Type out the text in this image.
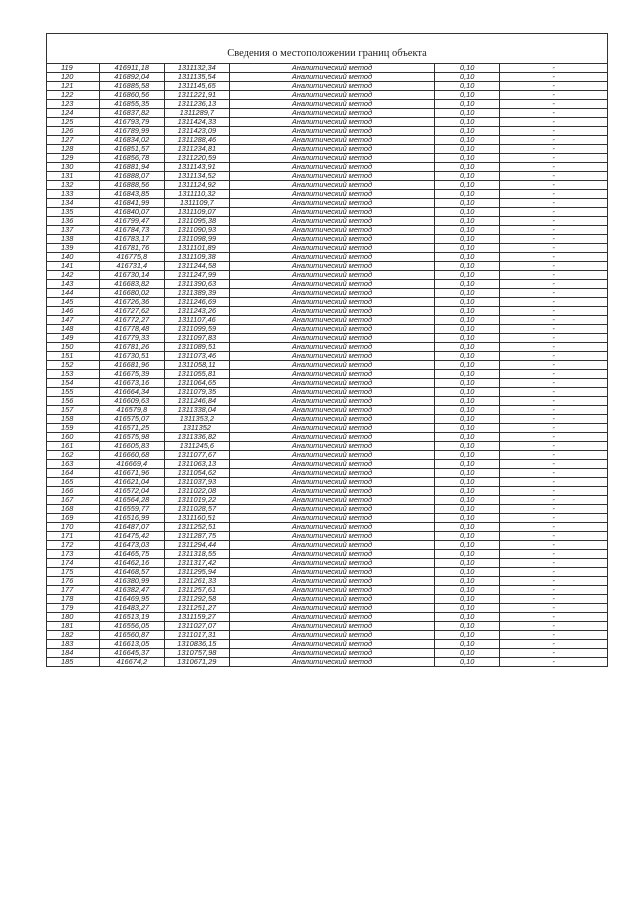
Сведения о местоположении границ объекта					
119	416911,18	1311132,34	Аналитический метод	0,10	-
120	416892,04	1311135,54	Аналитический метод	0,10	-
121	416885,58	1311145,65	Аналитический метод	0,10	-
122	416860,56	1311221,91	Аналитический метод	0,10	-
123	416855,35	1311236,13	Аналитический метод	0,10	-
124	416837,82	1311289,7	Аналитический метод	0,10	-
125	416793,79	1311424,33	Аналитический метод	0,10	-
126	416789,99	1311423,09	Аналитический метод	0,10	-
127	416834,02	1311288,46	Аналитический метод	0,10	-
128	416851,57	1311234,81	Аналитический метод	0,10	-
129	416856,78	1311220,59	Аналитический метод	0,10	-
130	416881,94	1311143,91	Аналитический метод	0,10	-
131	416888,07	1311134,52	Аналитический метод	0,10	-
132	416888,56	1311124,92	Аналитический метод	0,10	-
133	416843,85	1311110,32	Аналитический метод	0,10	-
134	416841,99	1311109,7	Аналитический метод	0,10	-
135	416840,07	1311109,07	Аналитический метод	0,10	-
136	416799,47	1311095,38	Аналитический метод	0,10	-
137	416784,73	1311090,93	Аналитический метод	0,10	-
138	416783,17	1311098,99	Аналитический метод	0,10	-
139	416781,76	1311101,89	Аналитический метод	0,10	-
140	416775,8	1311109,38	Аналитический метод	0,10	-
141	416731,4	1311244,58	Аналитический метод	0,10	-
142	416730,14	1311247,99	Аналитический метод	0,10	-
143	416683,82	1311390,63	Аналитический метод	0,10	-
144	416680,02	1311389,39	Аналитический метод	0,10	-
145	416726,36	1311246,69	Аналитический метод	0,10	-
146	416727,62	1311243,26	Аналитический метод	0,10	-
147	416772,27	1311107,46	Аналитический метод	0,10	-
148	416778,48	1311099,59	Аналитический метод	0,10	-
149	416779,33	1311097,83	Аналитический метод	0,10	-
150	416781,26	1311089,51	Аналитический метод	0,10	-
151	416730,51	1311073,46	Аналитический метод	0,10	-
152	416681,96	1311058,11	Аналитический метод	0,10	-
153	416675,39	1311055,81	Аналитический метод	0,10	-
154	416673,16	1311064,65	Аналитический метод	0,10	-
155	416664,34	1311079,35	Аналитический метод	0,10	-
156	416609,63	1311246,84	Аналитический метод	0,10	-
157	416579,8	1311338,04	Аналитический метод	0,10	-
158	416575,07	1311353,2	Аналитический метод	0,10	-
159	416571,25	1311352	Аналитический метод	0,10	-
160	416575,98	1311336,82	Аналитический метод	0,10	-
161	416605,83	1311245,6	Аналитический метод	0,10	-
162	416660,68	1311077,67	Аналитический метод	0,10	-
163	416669,4	1311063,13	Аналитический метод	0,10	-
164	416671,96	1311054,62	Аналитический метод	0,10	-
165	416621,04	1311037,93	Аналитический метод	0,10	-
166	416572,04	1311022,08	Аналитический метод	0,10	-
167	416564,28	1311019,22	Аналитический метод	0,10	-
168	416559,77	1311028,57	Аналитический метод	0,10	-
169	416516,99	1311160,51	Аналитический метод	0,10	-
170	416487,07	1311252,51	Аналитический метод	0,10	-
171	416475,42	1311287,75	Аналитический метод	0,10	-
172	416473,03	1311294,44	Аналитический метод	0,10	-
173	416465,75	1311318,55	Аналитический метод	0,10	-
174	416462,16	1311317,42	Аналитический метод	0,10	-
175	416468,57	1311295,94	Аналитический метод	0,10	-
176	416380,99	1311261,33	Аналитический метод	0,10	-
177	416382,47	1311257,61	Аналитический метод	0,10	-
178	416469,95	1311292,58	Аналитический метод	0,10	-
179	416483,27	1311251,27	Аналитический метод	0,10	-
180	416513,19	1311159,27	Аналитический метод	0,10	-
181	416556,05	1311027,07	Аналитический метод	0,10	-
182	416560,87	1311017,31	Аналитический метод	0,10	-
183	416613,05	1310836,15	Аналитический метод	0,10	-
184	416645,37	1310757,98	Аналитический метод	0,10	-
185	416674,2	1310671,29	Аналитический метод	0,10	-
